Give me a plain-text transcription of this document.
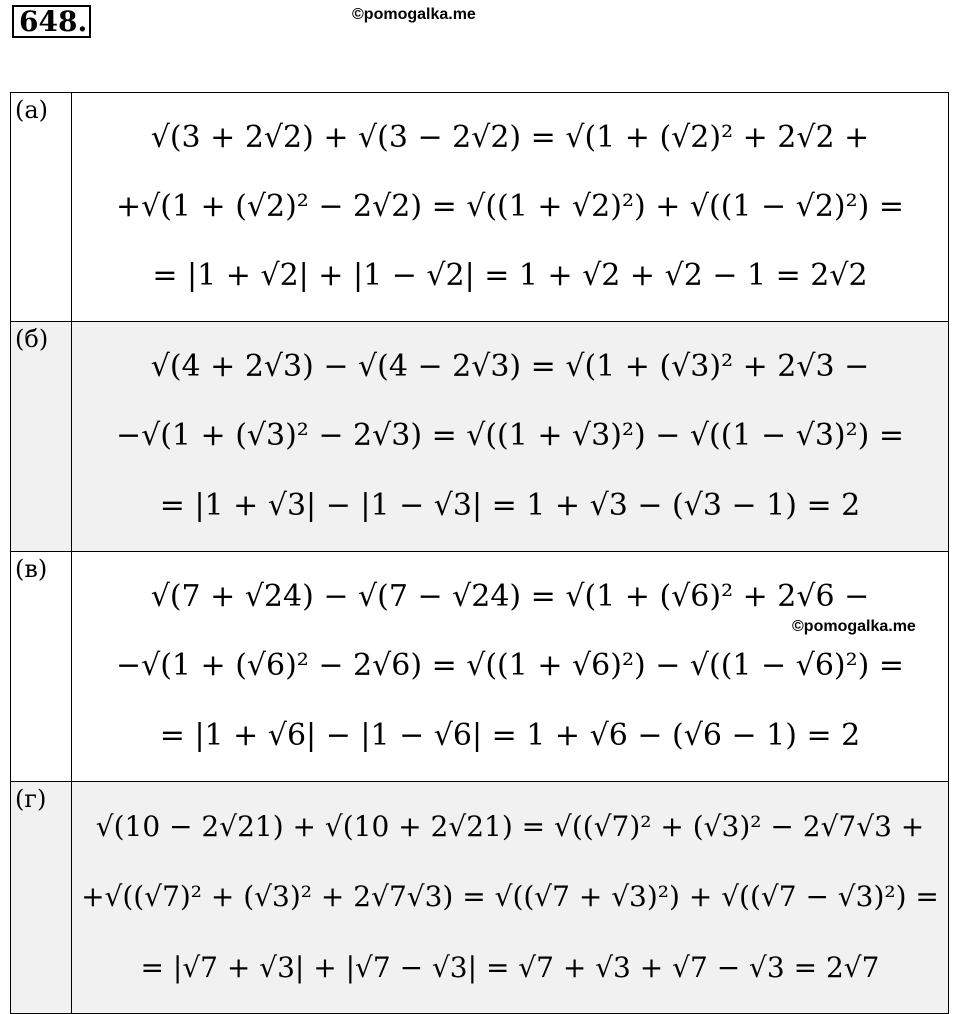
648.	©pomogalka.me
(а)	√(3 + 2√2) + √(3 − 2√2) = √(1 + (√2)² + 2√2 +
+√(1 + (√2)² − 2√2) = √((1 + √2)²) + √((1 − √2)²) =
= |1 + √2| + |1 − √2| = 1 + √2 + √2 − 1 = 2√2

(б)	√(4 + 2√3) − √(4 − 2√3) = √(1 + (√3)² + 2√3 −
−√(1 + (√3)² − 2√3) = √((1 + √3)²) − √((1 − √3)²) =
= |1 + √3| − |1 − √3| = 1 + √3 − (√3 − 1) = 2

(в)	√(7 + √24) − √(7 − √24) = √(1 + (√6)² + 2√6 −
−√(1 + (√6)² − 2√6) = √((1 + √6)²) − √((1 − √6)²) =
= |1 + √6| − |1 − √6| = 1 + √6 − (√6 − 1) = 2

(г)	√(10 − 2√21) + √(10 + 2√21) = √((√7)² + (√3)² − 2√7√3 +
+√((√7)² + (√3)² + 2√7√3) = √((√7 + √3)²) + √((√7 − √3)²) =
= |√7 + √3| + |√7 − √3| = √7 + √3 + √7 − √3 = 2√7
©pomogalka.me
